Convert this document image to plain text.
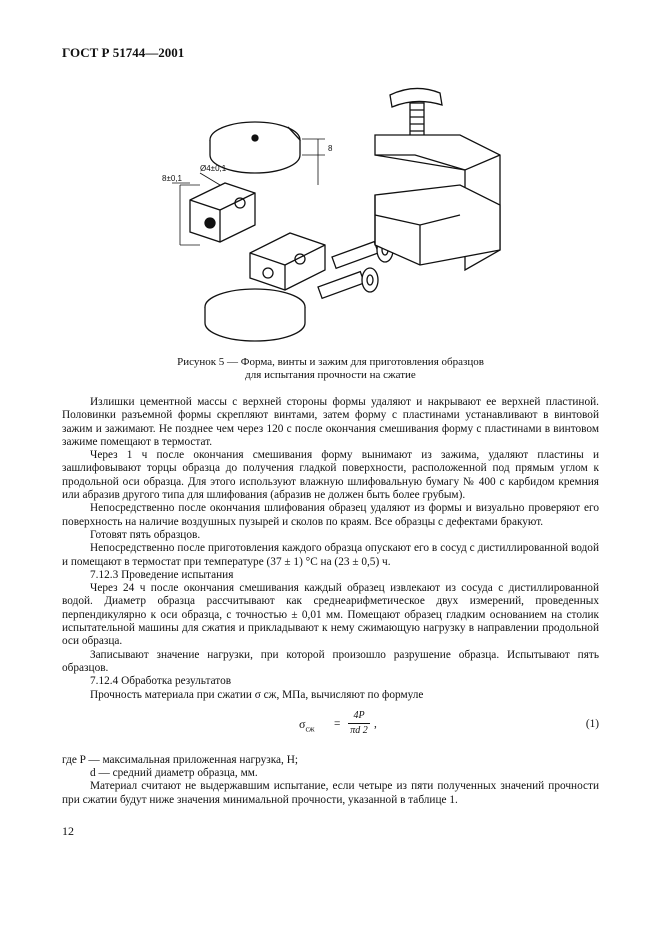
ГОСТ Р 51744—2001
Ø4±0,1
8±0,1
8
Рисунок 5 — Форма, винты и зажим для приготовления образцов
для испытания прочности на сжатие

Излишки цементной массы с верхней стороны формы удаляют и накрывают ее верхней пластиной. Половинки разъемной формы скрепляют винтами, затем форму с пластинами устанавливают в винтовой зажим и зажимают. Не позднее чем через 120 с после окончания смешивания форму с пластинами в винтовом зажиме помещают в термостат.

Через 1 ч после окончания смешивания форму вынимают из зажима, удаляют пластины и зашлифовывают торцы образца до получения гладкой поверхности, расположенной под прямым углом к продольной оси образца. Для этого используют влажную шлифовальную бумагу № 400 с карбидом кремния или абразив другого типа для шлифования (абразив не должен быть более грубым).

Непосредственно после окончания шлифования образец удаляют из формы и визуально проверяют его поверхность на наличие воздушных пузырей и сколов по краям. Все образцы с дефектами бракуют.

Готовят пять образцов.

Непосредственно после приготовления каждого образца опускают его в сосуд с дистиллированной водой и помещают в термостат при температуре (37 ± 1) °С на (23 ± 0,5) ч.

7.12.3 Проведение испытания

Через 24 ч после окончания смешивания каждый образец извлекают из сосуда с дистиллированной водой. Диаметр образца рассчитывают как среднеарифметическое двух измерений, проведенных перпендикулярно к оси образца, с точностью ± 0,01 мм. Помещают образец гладким основанием на столик испытательной машины для сжатия и прикладывают к нему сжимающую нагрузку в направлении продольной оси образца.

Записывают значение нагрузки, при которой произошло разрушение образца. Испытывают пять образцов.

7.12.4 Обработка результатов

Прочность материала при сжатии σ сж, МПа, вычисляют по формуле

$\sigma_{сж} = \frac{4P}{\pi d 2}$ ,	(1)

где P — максимальная приложенная нагрузка, Н;

d — средний диаметр образца, мм.

Материал считают не выдержавшим испытание, если четыре из пяти полученных значений прочности при сжатии будут ниже значения минимальной прочности, указанной в таблице 1.

12
